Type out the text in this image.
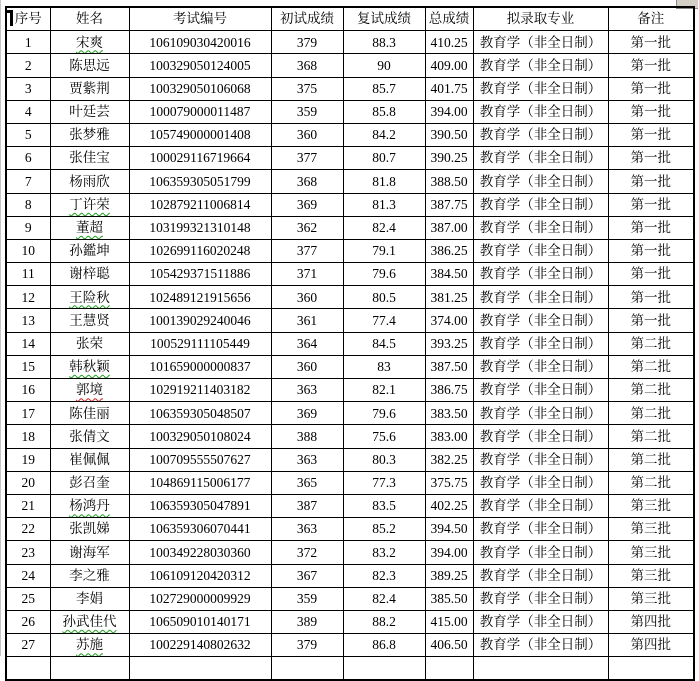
序号	姓名	考试编号	初试成绩	复试成绩	总成绩	拟录取专业	备注
1	宋爽	106109030420016	379	88.3	410.25	教育学（非全日制）	第一批
2	陈思远	100329050124005	368	90	409.00	教育学（非全日制）	第一批
3	贾紫荆	100329050106068	375	85.7	401.75	教育学（非全日制）	第一批
4	叶廷芸	100079000011487	359	85.8	394.00	教育学（非全日制）	第一批
5	张梦雅	105749000001408	360	84.2	390.50	教育学（非全日制）	第一批
6	张佳宝	100029116719664	377	80.7	390.25	教育学（非全日制）	第一批
7	杨雨欣	106359305051799	368	81.8	388.50	教育学（非全日制）	第一批
8	丁许荣	102879211006814	369	81.3	387.75	教育学（非全日制）	第一批
9	董超	103199321310148	362	82.4	387.00	教育学（非全日制）	第一批
10	孙鑑坤	102699116020248	377	79.1	386.25	教育学（非全日制）	第一批
11	谢梓聪	105429371511886	371	79.6	384.50	教育学（非全日制）	第一批
12	王险秋	102489121915656	360	80.5	381.25	教育学（非全日制）	第一批
13	王慧贤	100139029240046	361	77.4	374.00	教育学（非全日制）	第一批
14	张荣	100529111105449	364	84.5	393.25	教育学（非全日制）	第二批
15	韩秋颖	101659000000837	360	83	387.50	教育学（非全日制）	第二批
16	郭境	102919211403182	363	82.1	386.75	教育学（非全日制）	第二批
17	陈佳丽	106359305048507	369	79.6	383.50	教育学（非全日制）	第二批
18	张倩文	100329050108024	388	75.6	383.00	教育学（非全日制）	第二批
19	崔佩佩	100709555507627	363	80.3	382.25	教育学（非全日制）	第二批
20	彭召奎	104869115006177	365	77.3	375.75	教育学（非全日制）	第二批
21	杨鸿丹	106359305047891	387	83.5	402.25	教育学（非全日制）	第三批
22	张凯娣	106359306070441	363	85.2	394.50	教育学（非全日制）	第三批
23	谢海军	100349228030360	372	83.2	394.00	教育学（非全日制）	第三批
24	李之雅	106109120420312	367	82.3	389.25	教育学（非全日制）	第三批
25	李娟	102729000009929	359	82.4	385.50	教育学（非全日制）	第三批
26	孙武佳代	106509010140171	389	88.2	415.00	教育学（非全日制）	第四批
27	苏施	100229140802632	379	86.8	406.50	教育学（非全日制）	第四批
